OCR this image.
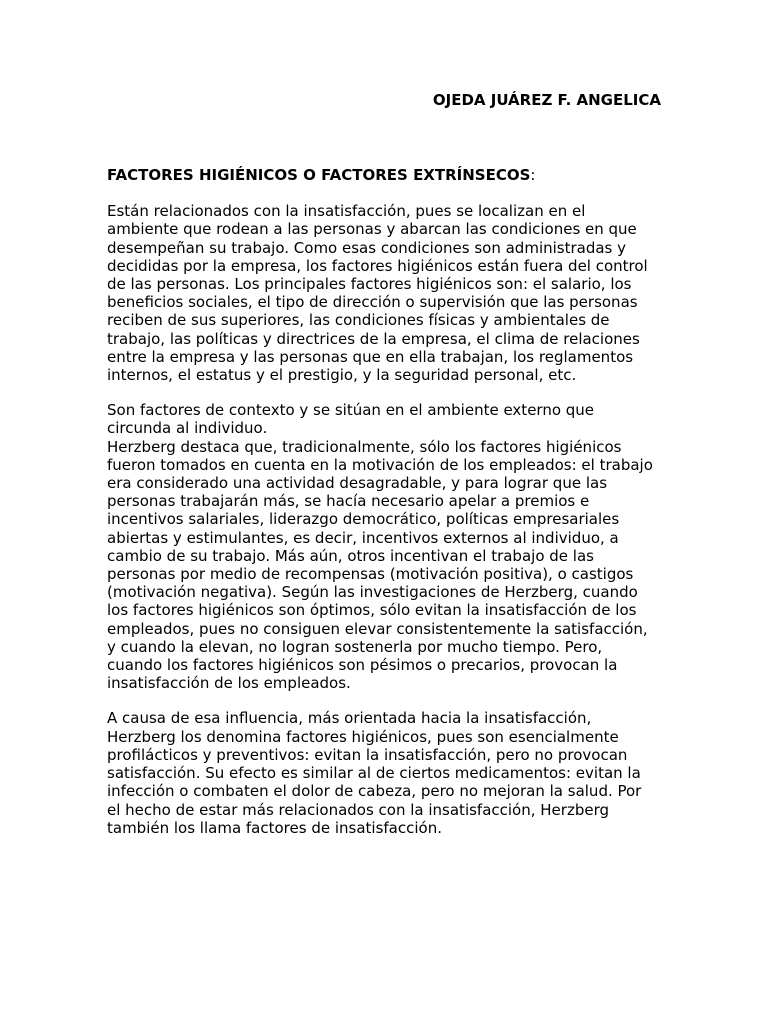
OJEDA JUÁREZ F. ANGELICA
FACTORES HIGIÉNICOS O FACTORES EXTRÍNSECOS:

Están relacionados con la insatisfacción, pues se localizan en el
ambiente que rodean a las personas y abarcan las condiciones en que
desempeñan su trabajo. Como esas condiciones son administradas y
decididas por la empresa, los factores higiénicos están fuera del control
de las personas. Los principales factores higiénicos son: el salario, los
beneficios sociales, el tipo de dirección o supervisión que las personas
reciben de sus superiores, las condiciones físicas y ambientales de
trabajo, las políticas y directrices de la empresa, el clima de relaciones
entre la empresa y las personas que en ella trabajan, los reglamentos
internos, el estatus y el prestigio, y la seguridad personal, etc.

Son factores de contexto y se sitúan en el ambiente externo que
circunda al individuo.

Herzberg destaca que, tradicionalmente, sólo los factores higiénicos
fueron tomados en cuenta en la motivación de los empleados: el trabajo
era considerado una actividad desagradable, y para lograr que las
personas trabajarán más, se hacía necesario apelar a premios e
incentivos salariales, liderazgo democrático, políticas empresariales
abiertas y estimulantes, es decir, incentivos externos al individuo, a
cambio de su trabajo. Más aún, otros incentivan el trabajo de las
personas por medio de recompensas (motivación positiva), o castigos
(motivación negativa). Según las investigaciones de Herzberg, cuando
los factores higiénicos son óptimos, sólo evitan la insatisfacción de los
empleados, pues no consiguen elevar consistentemente la satisfacción,
y cuando la elevan, no logran sostenerla por mucho tiempo. Pero,
cuando los factores higiénicos son pésimos o precarios, provocan la
insatisfacción de los empleados.

A causa de esa influencia, más orientada hacia la insatisfacción,
Herzberg los denomina factores higiénicos, pues son esencialmente
profilácticos y preventivos: evitan la insatisfacción, pero no provocan
satisfacción. Su efecto es similar al de ciertos medicamentos: evitan la
infección o combaten el dolor de cabeza, pero no mejoran la salud. Por
el hecho de estar más relacionados con la insatisfacción, Herzberg
también los llama factores de insatisfacción.
